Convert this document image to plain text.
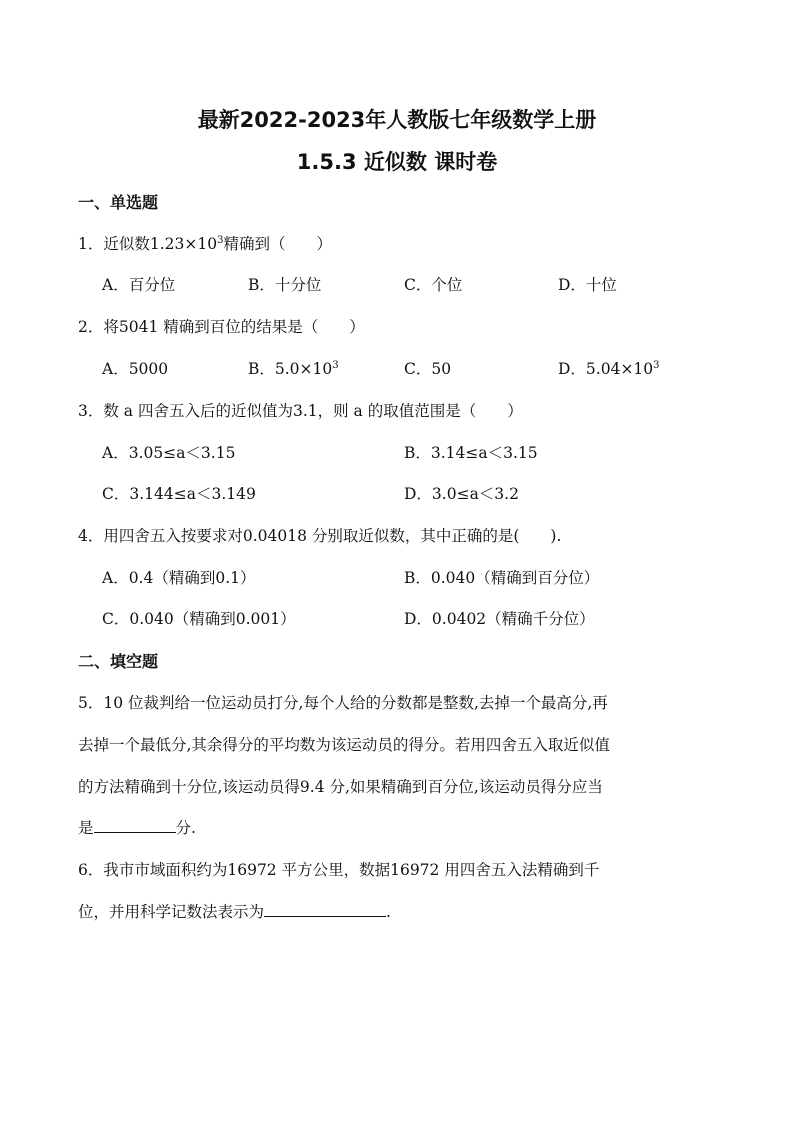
最新2022-2023年人教版七年级数学上册
1.5.3 近似数 课时卷
一、单选题
1．近似数$1.23\times 10^3$精确到（　　）
A．百分位	B．十分位	C．个位	D．十位
2．将5041 精确到百位的结果是（　　）
A．5000	B．$5.0\times 10^3$	C．50	D．$5.04\times 10^3$
3．数 a 四舍五入后的近似值为3.1，则 a 的取值范围是（　　）
A．3.05≤a＜3.15	B．3.14≤a＜3.15
C．3.144≤a＜3.149	D．3.0≤a＜3.2
4．用四舍五入按要求对0.04018 分别取近似数，其中正确的是(　　).
A．0.4（精确到0.1）	B．0.040（精确到百分位）
C．0.040（精确到0.001）	D．0.0402（精确千分位）
二、填空题
5．10 位裁判给一位运动员打分,每个人给的分数都是整数,去掉一个最高分,再
去掉一个最低分,其余得分的平均数为该运动员的得分。若用四舍五入取近似值
的方法精确到十分位,该运动员得9.4 分,如果精确到百分位,该运动员得分应当
是	分.
6．我市市域面积约为16972 平方公里，数据16972 用四舍五入法精确到千
位，并用科学记数法表示为	.
